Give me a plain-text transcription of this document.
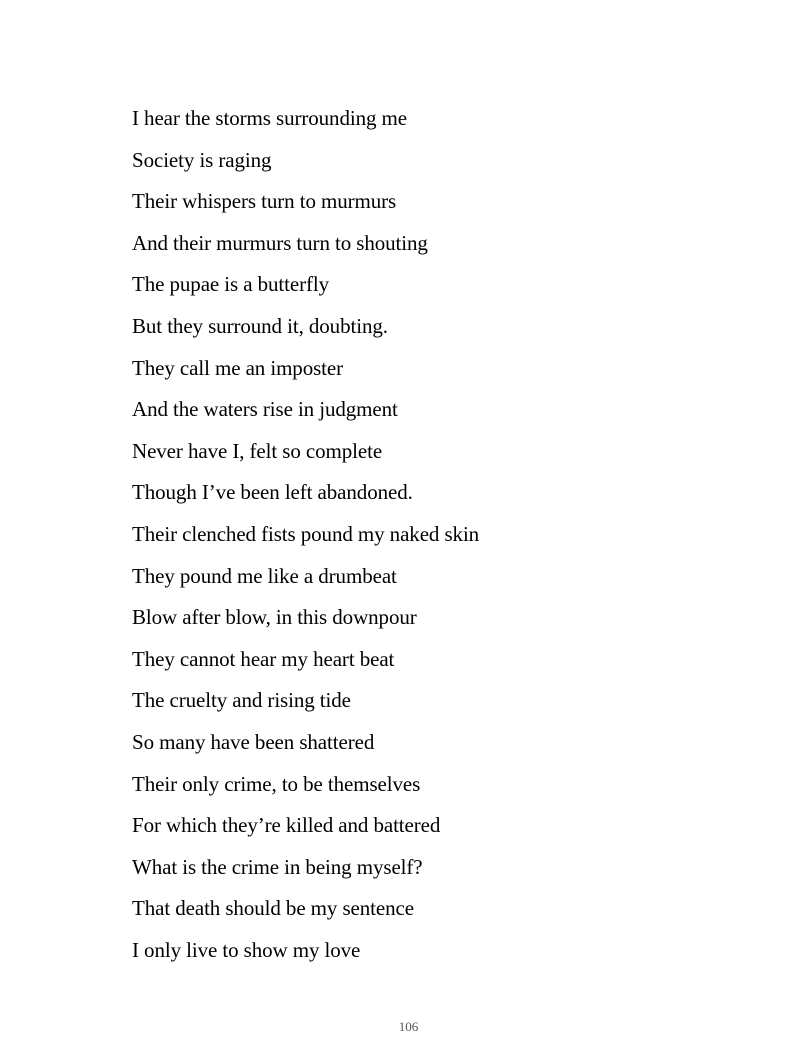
I hear the storms surrounding me
Society is raging
Their whispers turn to murmurs
And their murmurs turn to shouting
The pupae is a butterfly
But they surround it, doubting.
They call me an imposter
And the waters rise in judgment
Never have I, felt so complete
Though I’ve been left abandoned.
Their clenched fists pound my naked skin
They pound me like a drumbeat
Blow after blow, in this downpour
They cannot hear my heart beat
The cruelty and rising tide
So many have been shattered
Their only crime, to be themselves
For which they’re killed and battered
What is the crime in being myself?
That death should be my sentence
I only live to show my love
106
